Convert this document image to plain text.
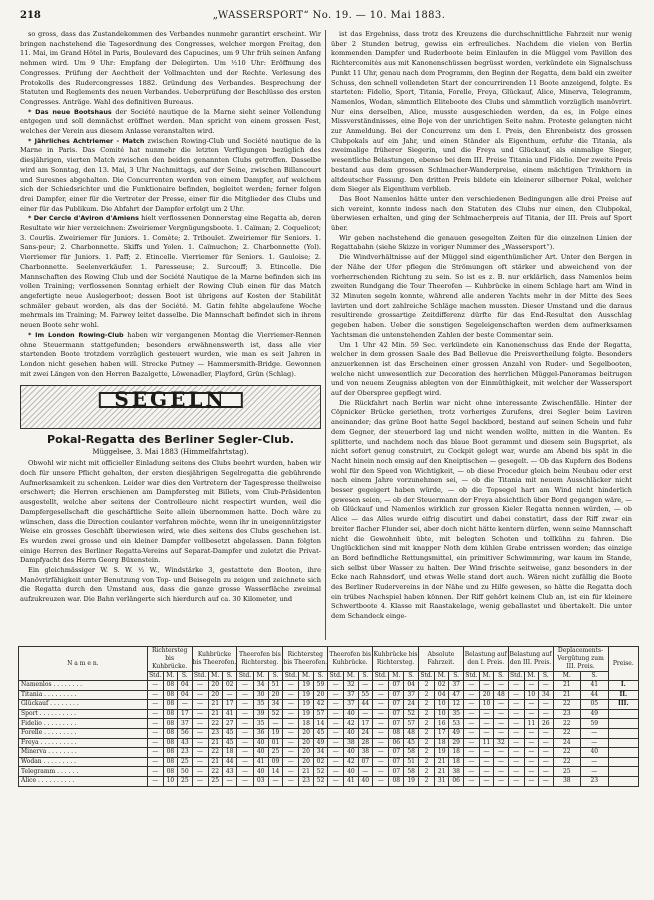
218	„WASSERSPORT“ No. 19. — 10. Mai 1883.

so gross, dass das Zustandekommen des Verbandes nunmehr garantirt erscheint. Wir bringen nachstehend die Tagesordnung des Congresses, welcher morgen Freitag, den 11. Mai, im Grand Hôtel in Paris, Boulevard des Capucines, um 9 Uhr früh seinen Anfang nehmen wird. Um 9 Uhr: Empfang der Delegirten. Um ½10 Uhr: Eröffnung des Congresses. Prüfung der Aechtheit der Vollmachten und der Rechte. Verlesung des Protokolls des Rudercongresses 1882. Gründung des Verbandes. Besprechung der Statuten und Reglements des neuen Verbandes. Ueberprüfung der Beschlüsse des ersten Congresses. Anträge. Wahl des definitiven Bureaus.

* Das neue Bootshaus der Société nautique de la Marne sieht seiner Vollendung entgegen und soll demnächst eröffnet werden. Man spricht von einem grossen Fest, welches der Verein aus diesem Anlasse veranstalten wird.

* Jährliches Achtriemer - Match zwischen Rowing-Club und Société nautique de la Marne in Paris. Das Comité hat nunmehr die letzten Verfügungen bezüglich des diesjährigen, vierten Match zwischen den beiden genannten Clubs getroffen. Dasselbe wird am Sonntag, den 13. Mai, 3 Uhr Nachmittags, auf der Seine, zwischen Billancourt und Suresnes abgehalten. Die Concurrenten werden von einem Dampfer, auf welchem sich der Schiedsrichter und die Funktionaire befinden, begleitet werden; ferner folgen drei Dampfer, einer für die Vertreter der Presse, einer für die Mitglieder des Clubs und einer für das Publikum. Die Abfahrt der Dampfer erfolgt um 2 Uhr.

* Der Cercle d'Aviron d'Amiens hielt verflossenen Donnerstag eine Regatta ab, deren Resultate wir hier verzeichnen: Zweiriemer Vergnügungsboote. 1. Caïman; 2. Coquelicot; 3. Courlis. Zweiriemer für Juniors. 1. Comète; 2. Triboulet. Zweiriemer für Seniors. 1. Sans-peur; 2. Charbonnette. Skiffs und Yolen. 1. Caïmuchon; 2. Charbonnette (Yol). Vierriemer für Juniors. 1. Paff; 2. Etincelle. Vierriemer für Seniors. 1. Gauloise; 2. Charbonnette. Seelenverkäufer. 1. Paresseuse; 2. Surcouff; 3. Etincelle. Die Mannschaften des Rowing Club und der Société Nautique de la Marne befinden sich im vollen Training; verflossenen Sonntag erhielt der Rowing Club einen für das Match angefertigte neue Auslegerboot; dessen Boot ist übrigens auf Kosten der Stabilität schmäler gebaut worden, als das der Société. M. Gatin fehlte abgelaufene Woche mehrmals im Training; M. Farwey leitet dasselbe. Die Mannschaft befindet sich in ihrem neuen Boote sehr wohl.

* Im London Rowing-Club haben wir vergangenen Montag die Vierriemer-Rennen ohne Steuermann stattgefunden; besonders erwähnenswerth ist, dass alle vier startenden Boote trotzdem vorzüglich gesteuert wurden, wie man es seit Jahren in London nicht gesehen haben will. Strecke Putney — Hammersmith-Bridge. Gewonnen mit zwei Längen von den Herren Bazalgette, Löwenadler, Playford, Grün (Schlag).

SEGELN
Pokal-Regatta des Berliner Segler-Club.
Müggelsee, 3. Mai 1883 (Himmelfahrtstag).

Obwohl wir nicht mit officieller Einladung seitens des Clubs beehrt wurden, haben wir doch für unsere Pflicht gehalten, der ersten diesjährigen Segelregatta die gebührende Aufmerksamkeit zu schenken. Leider war dies den Vertretern der Tagespresse theilweise erschwert; die Herren erschienen am Dampfersteg mit Billets, vom Club-Präsidenten ausgestellt, welche aber seitens der Controlleure nicht respectirt wurden, weil die Dampfergesellschaft die geschäftliche Seite allein übernommen hatte. Doch wäre zu wünschen, dass die Direction coulanter verfahren möchte, wenn ihr in uneigennützigster Weise ein grosses Geschäft überwiesen wird, wie dies seitens des Clubs geschehen ist. Es wurden zwei grosse und ein kleiner Dampfer vollbesetzt abgelassen. Dann folgten einige Herren des Berliner Regatta-Vereins auf Separat-Dampfer und zuletzt die Privat-Dampfyacht des Herrn Georg Büxenstein.

Ein gleichmässiger W. S. W. ¹⁄₂ W., Windstärke 3, gestattete den Booten, ihre Manövrirfähigkeit unter Benutzung von Top- und Beisegeln zu zeigen und zeichnete sich die Regatta durch den Umstand aus, dass die ganze grosse Wasserfläche zweimal aufzukreuzen war. Die Bahn verlängerte sich hierdurch auf ca. 30 Kilometer, und

ist das Ergebniss, dass trotz des Kreuzens die durchschnittliche Fahrzeit nur wenig über 2 Stunden betrug, gewiss ein erfreuliches. Nachdem die vielen von Berlin kommenden Dampfer und Ruderboote beim Einlaufen in die Müggel vom Pavillon des Richtercomités aus mit Kanonenschüssen begrüsst worden, verkündete ein Signalschuss Punkt 11 Uhr, genau nach dem Programm, den Beginn der Regatta, dem bald ein zweiter Schuss, den schnell vollendeten Start der concurrirenden 11 Boote anzeigend, folgte. Es starteten: Fidelio, Sport, Titania, Forelle, Freya, Glückauf, Alice, Minerva, Telegramm, Namenlos, Wodan, sämmtlich Eliteboote des Clubs und sämmtlich vorzüglich manövrirt. Nur eins derselben, Alice, musste ausgeschieden werden, da es, in Folge eines Missverständnisses, eine Boje von der unrichtigen Seite nahm. Proteste gelangten nicht zur Anmeldung. Bei der Concurrenz um den I. Preis, den Ehrenbeistz des grossen Clubpokals auf ein Jahr, und einen Ständer als Eigenthum, erfuhr die Titania, als zweimalige früherer Siegerin, und die Freya und Glückauf, als einmalige Sieger, wesentliche Belastungen, ebenso bei dem III. Preise Titania und Fidelio. Der zweite Preis bestand aus dem grossen Schlmacher-Wanderpreise, einem mächtigen Trinkhorn in altdeutscher Fassung. Den dritten Preis bildete ein kleinerer silberner Pokal, welcher dem Sieger als Eigenthum verblieb.

Das Boot Namenlos hätte unter den verschiedenen Bedingungen alle drei Preise auf sich vereint, konnte indess nach den Statuten des Clubs nur einen, den Clubpokal, überwiesen erhalten, und ging der Schlmacherpreis auf Titania, der III. Preis auf Sport über.

Wir geben nachstehend die genauen gesegelten Zeiten für die einzelnen Linien der Regattabahn (siehe Skizze in voriger Nummer des „Wassersport“).

Die Windverhältnisse auf der Müggel sind eigenthümlicher Art. Unter den Bergen in der Nähe der Ufer pflegen die Strömungen oft stärker und abweichend von der vorherrschenden Richtung zu sein. So ist es z. B. nur erklärlich, dass Namenlos beim zweiten Rundgang die Tour Theerofen — Kuhbrücke in einem Schlage hart am Wind in 32 Minuten segeln konnte, während alle anderen Yachts mehr in der Mitte des Sees lavirten und dort zahlreiche Schläge machen mussten. Dieser Umstand und die daraus resultirende grossartige Zeitdifferenz dürfte für das End-Resultat den Ausschlag gegeben haben. Ueber die sonstigen Segeleigenschaften werden dem aufmerksamen Yachtsman die untenstehenden Zahlen der beste Commentar sein.

Um 1 Uhr 42 Min. 59 Sec. verkündete ein Kanonenschuss das Ende der Regatta, welcher in dem grossen Saale des Bad Bellevue die Preisvertheilung folgte. Besonders anzuerkennen ist das Erscheinen einer grossen Anzahl von Ruder- und Segelbooten, welche nicht unwesentlich zur Decoration des herrlichen Müggel-Panoramas beitrugen und von neuem Zeugniss ablegten von der Einmüthigkeit, mit welcher der Wassersport auf der Oberspree gepflegt wird.

Die Rückfahrt nach Berlin war nicht ohne interessante Zwischenfälle. Hinter der Cöpnicker Brücke geriethen, trotz vorheriges Zurufens, drei Segler beim Laviren aneinander; das grüne Boot hatte Segel backbord, bestand auf seinen Schein und fuhr dem Gegner, der steuerbord lag und nicht wenden wollte, mitten in die Wanten. Es splitterte, und nachdem noch das blaue Boot gerammt und diesem sein Bugspriet, als nicht sofort genug construirt, zu Cockpit gelegt war, wurde am Abend bis spät in die Nacht hinein noch emsig auf den Kneiptischen — gesegelt. — Ob das Kupfern des Bodens wohl für den Speed von Wichtigkeit, — ob diese Procedur gleich beim Neubau oder erst nach einem Jahre vorzunehmen sei, — ob die Titania mit neuem Ausschläcker nicht besser gegeigert haben würde, — ob die Topsegel hart am Wind nicht hinderlich gewesen seien, — ob der Steuermann der Freya absichtlich über Bord gegangen wäre, — ob Glückauf und Namenlos wirklich zur grossen Kieler Regatta nennen würden, — ob Alice — das Alles wurde eifrig discutirt und dabei constatirt, dass der Riff zwar ein breiter flacher Flunder sei, aber doch nicht hätte kentern dürfen, wenn seine Mannschaft nicht die Gewohnheit übte, mit belegten Schoten und tollkühn zu fahren. Die Unglücklichen sind mit knapper Noth dem kühlen Grabe entrissen worden; das einzige an Bord befindliche Rettungsmittel, ein primitiver Schwimmring, war kaum im Stande, sich selbst über Wasser zu halten. Der Wind frischte seitweise, ganz besonders in der Ecke nach Rahnsdorf, und etwas Welle stand dort auch. Wären nicht zufällig die Boote des Berliner Rudervereins in der Nähe und zu Hilfe gewesen, so hätte die Regatta doch ein trübes Nachspiel haben können. Der Riff gehört keinem Club an, ist ein für kleinere Schwertboote 4. Klasse mit Raastakelage, wenig geballastet und übertakelt. Die unter dem Schandeck einge-

N a m e n.	Richtersteg bis Kuhbrücke.			Kuhbrücke bis Theerofen.			Theerofen bis Richtersteg.			Richtersteg bis Theerofen.			Theerofen bis Kuhbrücke.			Kuhbrücke bis Richtersteg.			Absolute Fahrzeit.			Belastung auf den I. Preis.			Belastung auf den III. Preis.			Deplacements-Vergütung zum III. Preis.		Preise.
	Std.	M.	S.	Std.	M.	S.	Std.	M.	S.	Std.	M.	S.	Std.	M.	S.	Std.	M.	S.	Std.	M.	S.	Std.	M.	S.	Std.	M.	S.	M.	S.	
Namenlos . . . . . . . .	—	08	04	—	20	02	—	34	51	—	19	59	—	32	—	—	07	04	2	02	37	—	—	—	—	—	—	21	41	I.
Titania . . . . . . . . .	—	08	04	—	20	—	—	30	20	—	19	20	—	37	55	—	07	37	2	04	47	—	20	48	—	10	34	21	44	II.
Glückauf . . . . . . . .	—	08	—	—	21	17	—	35	34	—	19	42	—	37	44	—	07	24	2	10	12	—	10	—	—	—	—	22	05	III.
Sport . . . . . . . . . .	—	08	17	—	21	41	—	39	52	—	19	57	—	40	—	—	07	52	2	10	35	—	—	—	—	—	—	23	49	
Fidelio . . . . . . . . .	—	08	37	—	22	27	—	35	—	—	18	14	—	42	17	—	07	57	2	16	53	—	—	—	—	11	26	22	59	
Forelle . . . . . . . . .	—	08	56	—	23	45	—	36	19	—	20	45	—	40	24	—	08	48	2	17	49	—	—	—	—	—	—	22	—	
Freya . . . . . . . . . .	—	08	43	—	21	45	—	40	01	—	20	49	—	38	28	—	06	45	2	18	29	—	11	32	—	—	—	24	—	
Minerva . . . . . . . .	—	08	23	—	22	18	—	40	25	—	20	34	—	40	38	—	07	58	2	19	18	—	—	—	—	—	—	22	40	
Wodan . . . . . . . . .	—	08	25	—	21	44	—	41	09	—	20	02	—	42	07	—	07	51	2	21	18	—	—	—	—	—	—	22	—	
Telegramm . . . . . .	—	08	50	—	22	43	—	40	14	—	21	52	—	40	—	—	07	58	2	21	38	—	—	—	—	—	—	25	—	
Alice . . . . . . . . . .	—	10	25	—	25	—	—	03	—	—	23	52	—	41	40	—	08	19	2	31	06	—	—	—	—	—	—	38	23	
